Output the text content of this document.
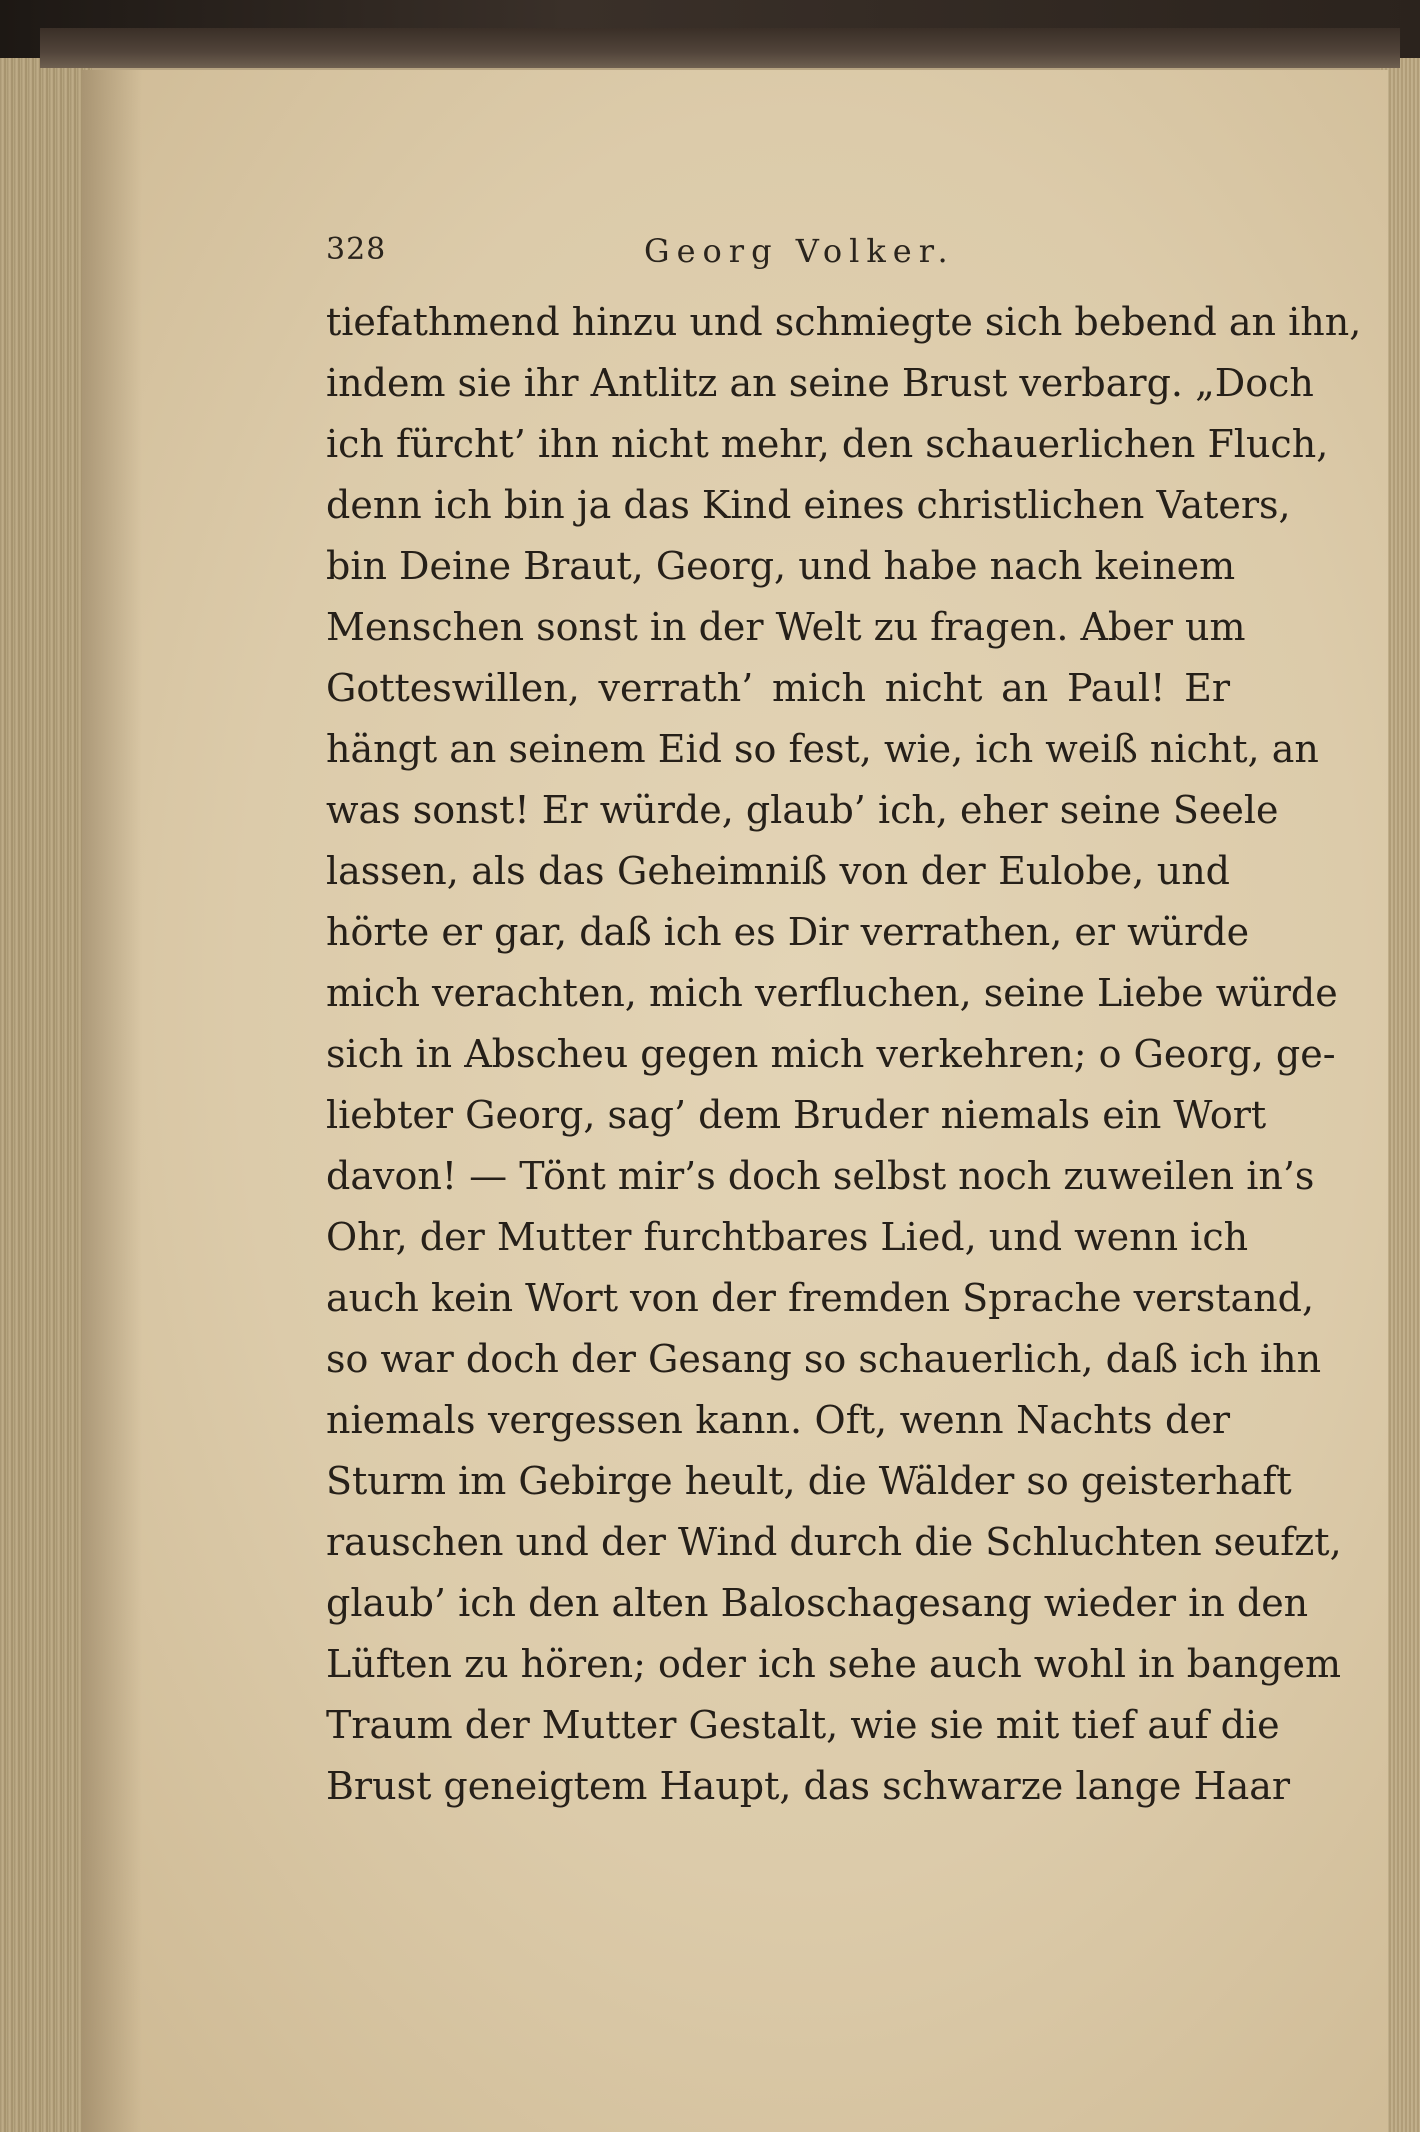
328	Georg Volker.
tiefathmend hinzu und schmiegte sich bebend an ihn,
indem sie ihr Antlitz an seine Brust verbarg. „Doch
ich fürcht’ ihn nicht mehr, den schauerlichen Fluch,
denn ich bin ja das Kind eines christlichen Vaters,
bin Deine Braut, Georg, und habe nach keinem
Menschen sonst in der Welt zu fragen. Aber um
Gotteswillen, verrath’ mich nicht an Paul! Er
hängt an seinem Eid so fest, wie, ich weiß nicht, an
was sonst! Er würde, glaub’ ich, eher seine Seele
lassen, als das Geheimniß von der Eulobe, und
hörte er gar, daß ich es Dir verrathen, er würde
mich verachten, mich verfluchen, seine Liebe würde
sich in Abscheu gegen mich verkehren; o Georg, ge-
liebter Georg, sag’ dem Bruder niemals ein Wort
davon! — Tönt mir’s doch selbst noch zuweilen in’s
Ohr, der Mutter furchtbares Lied, und wenn ich
auch kein Wort von der fremden Sprache verstand,
so war doch der Gesang so schauerlich, daß ich ihn
niemals vergessen kann. Oft, wenn Nachts der
Sturm im Gebirge heult, die Wälder so geisterhaft
rauschen und der Wind durch die Schluchten seufzt,
glaub’ ich den alten Baloschagesang wieder in den
Lüften zu hören; oder ich sehe auch wohl in bangem
Traum der Mutter Gestalt, wie sie mit tief auf die
Brust geneigtem Haupt, das schwarze lange Haar
